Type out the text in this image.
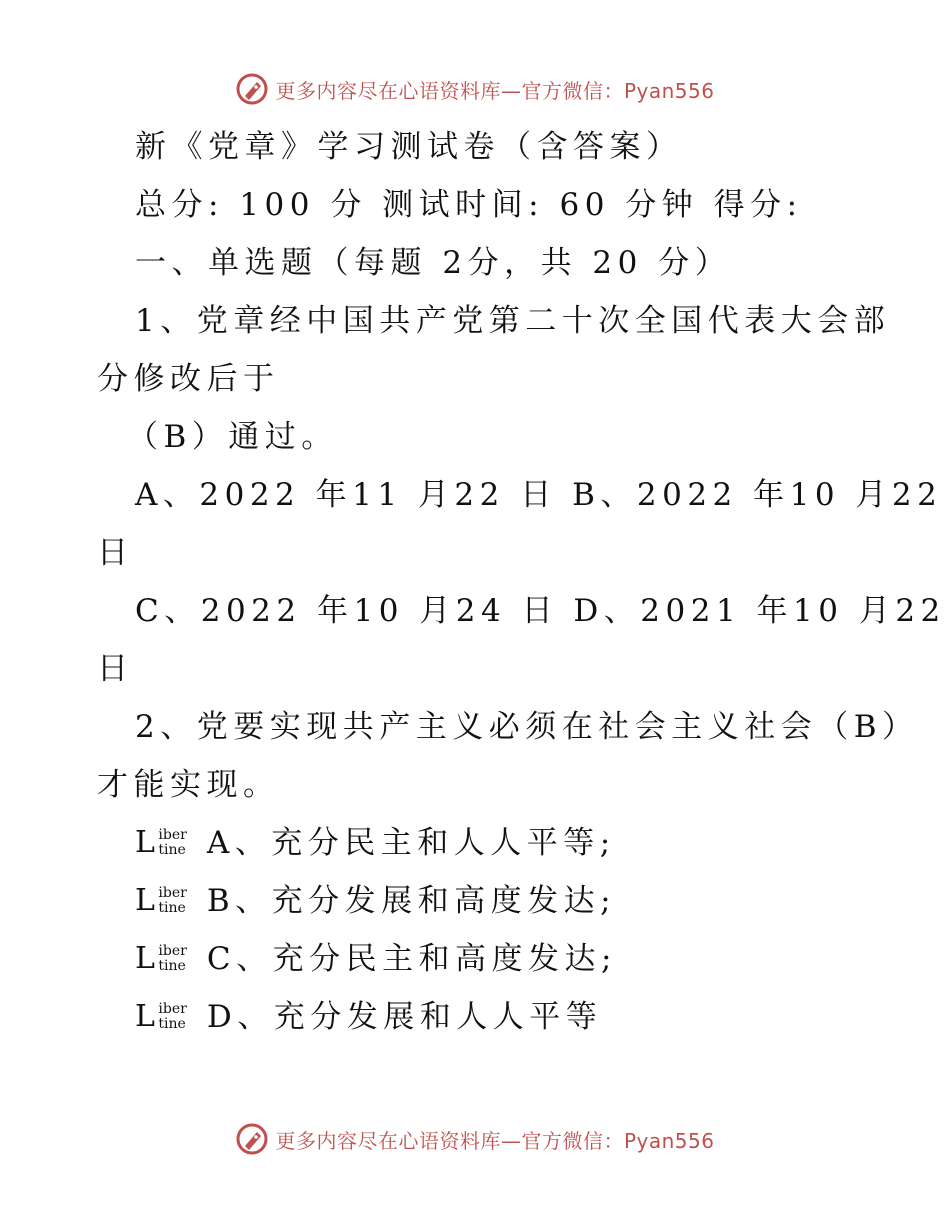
更多内容尽在心语资料库—官方微信：Pyan556
新《党章》学习测试卷（含答案）
总分: 100 分 测试时间: 60 分钟 得分:
一、单选题（每题 2分，共 20 分）
1、党章经中国共产党第二十次全国代表大会部
分修改后于
（B）通过。
A、2022 年11 月22 日 B、2022 年10 月22
日
C、2022 年10 月24 日 D、2021 年10 月22
日
2、党要实现共产主义必须在社会主义社会（B）
才能实现。
L
iber
tine A、充分民主和人人平等;
L
iber
tine B、充分发展和高度发达;
L
iber
tine C、充分民主和高度发达;
L
iber
tine D、充分发展和人人平等
更多内容尽在心语资料库—官方微信：Pyan556
